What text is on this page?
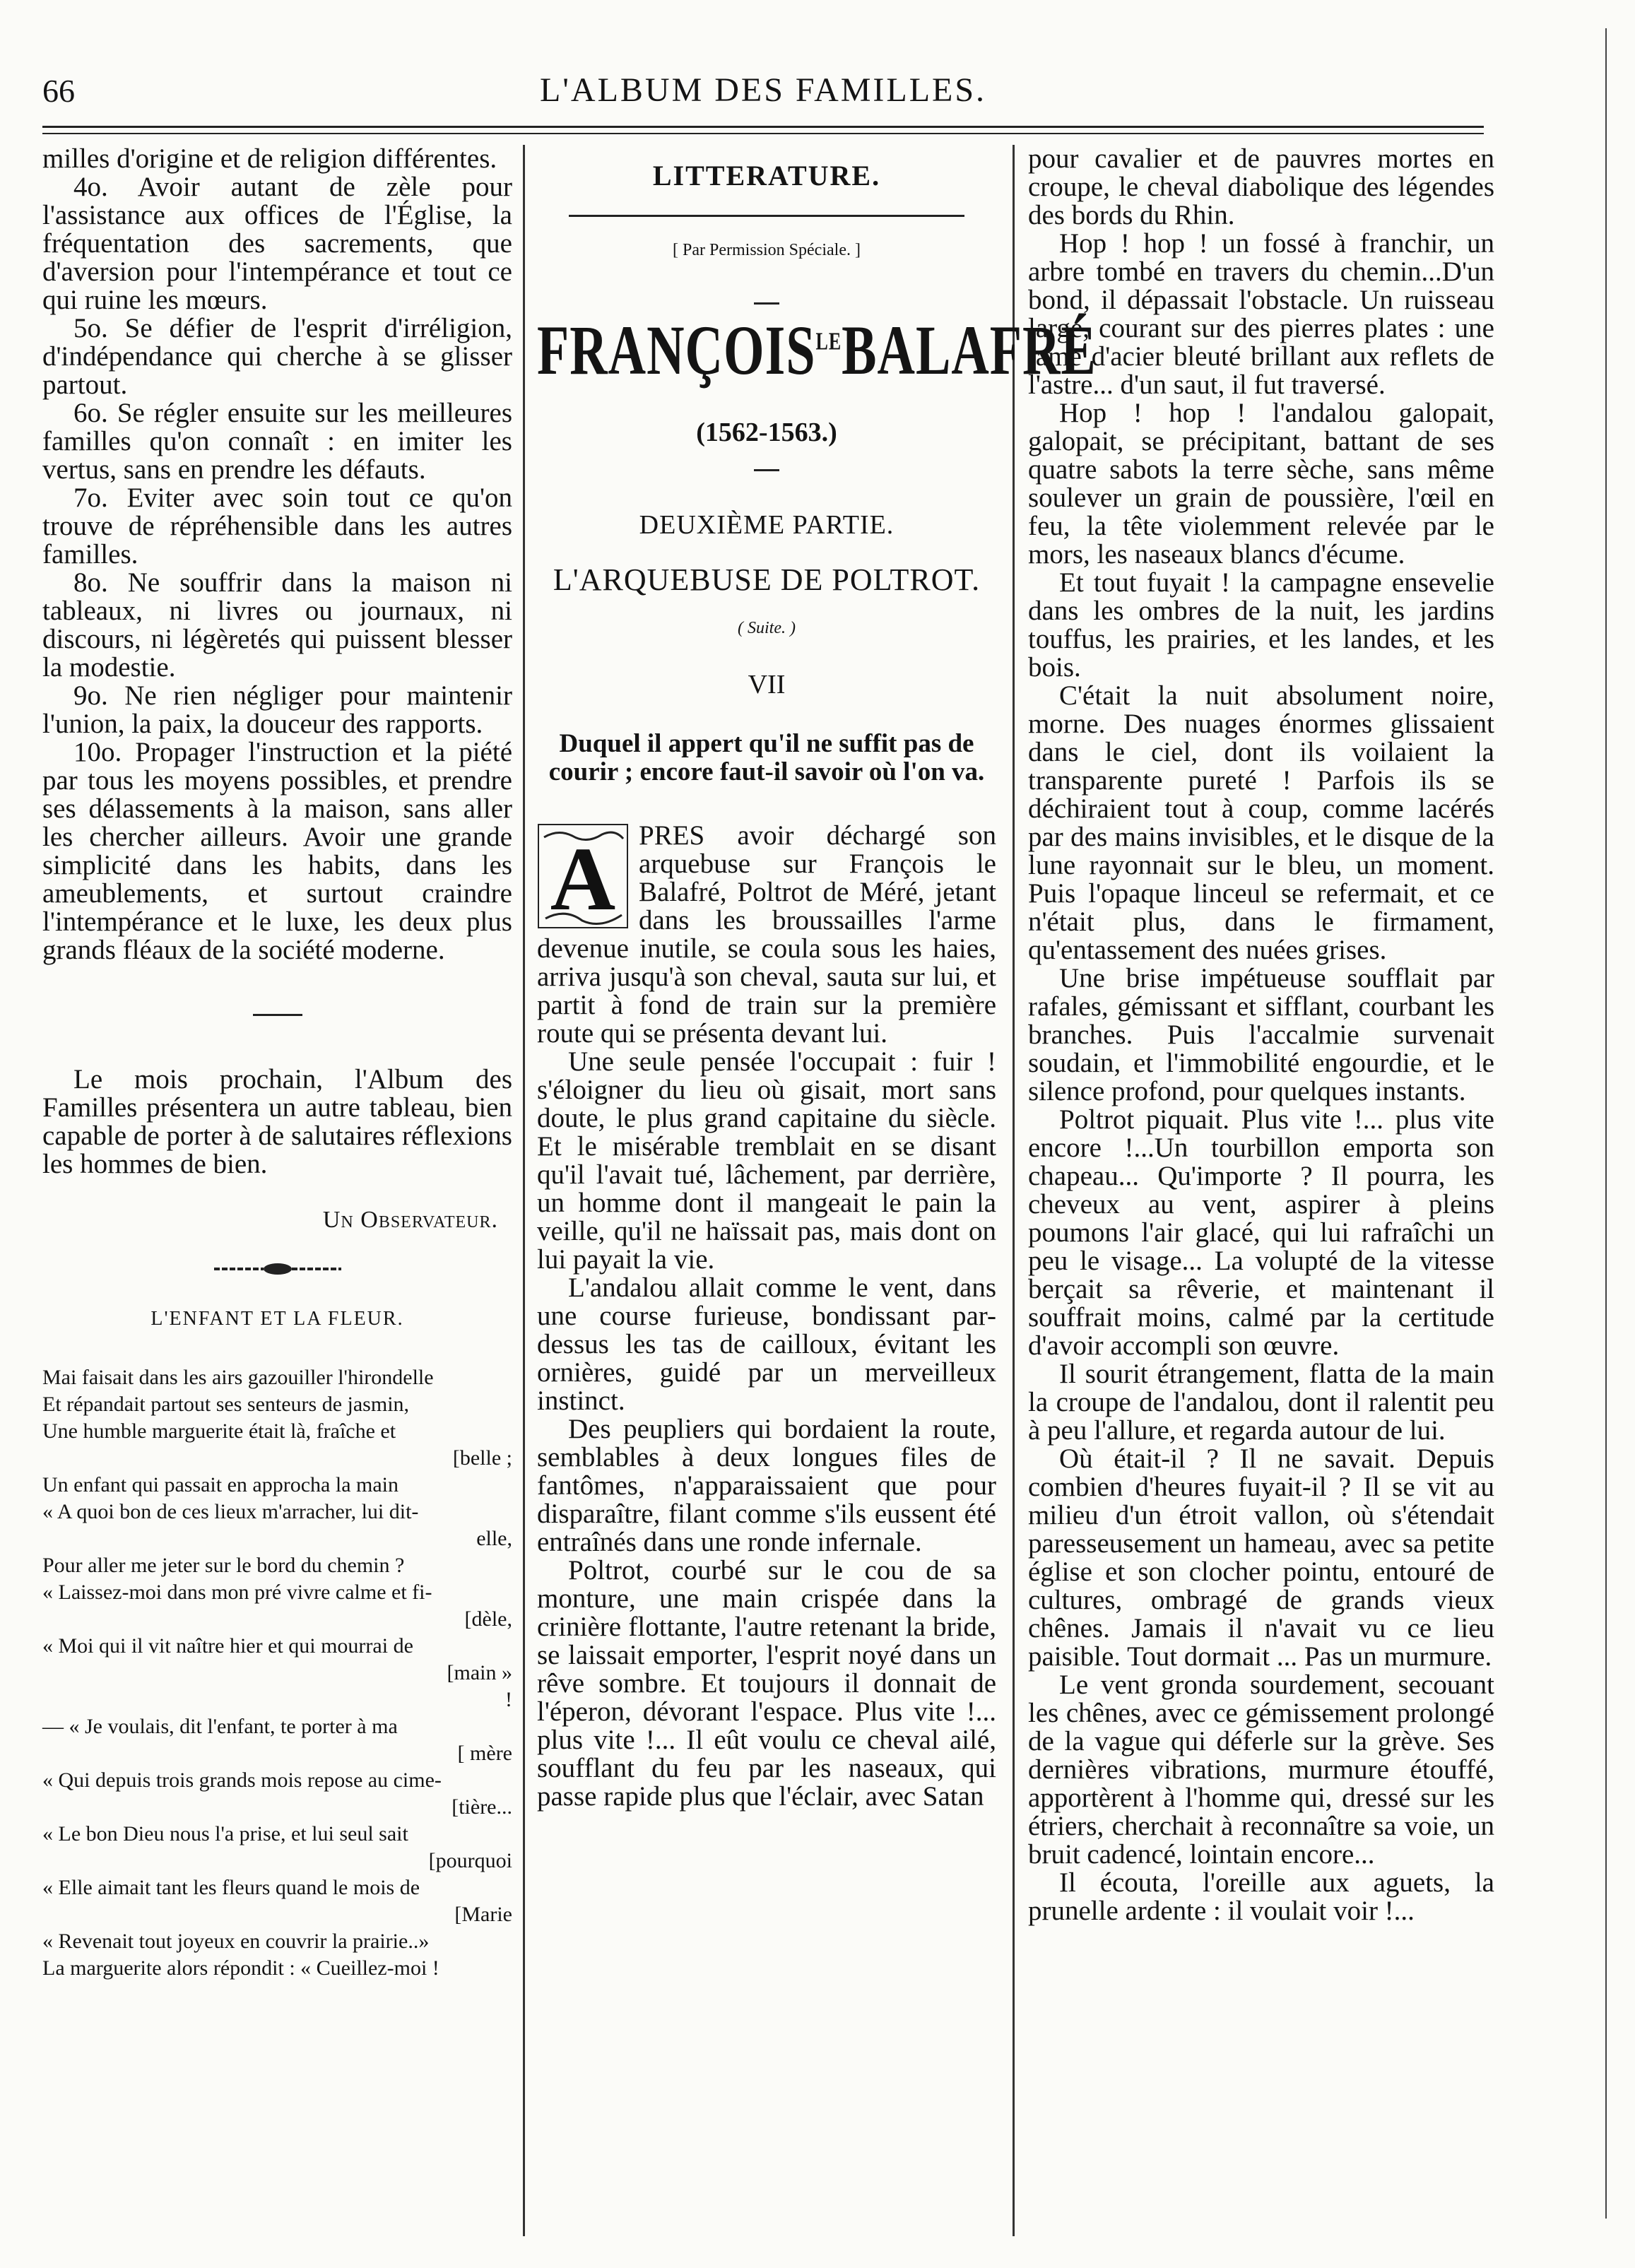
66	L'ALBUM DES FAMILLES.

milles d'origine et de religion différentes.

4o. Avoir autant de zèle pour l'assistance aux offices de l'Église, la fréquentation des sacrements, que d'aversion pour l'intempérance et tout ce qui ruine les mœurs.

5o. Se défier de l'esprit d'irréligion, d'indépendance qui cherche à se glisser partout.

6o. Se régler ensuite sur les meilleures familles qu'on connaît : en imiter les vertus, sans en prendre les défauts.

7o. Eviter avec soin tout ce qu'on trouve de répréhensible dans les autres familles.

8o. Ne souffrir dans la maison ni tableaux, ni livres ou journaux, ni discours, ni légèretés qui puissent blesser la modestie.

9o. Ne rien négliger pour maintenir l'union, la paix, la douceur des rapports.

10o. Propager l'instruction et la piété par tous les moyens possibles, et prendre ses délassements à la maison, sans aller les chercher ailleurs. Avoir une grande simplicité dans les habits, dans les ameublements, et surtout craindre l'intempérance et le luxe, les deux plus grands fléaux de la société moderne.

Le mois prochain, l'Album des Familles présentera un autre tableau, bien capable de porter à de salutaires réflexions les hommes de bien.

Un Observateur.
L'ENFANT ET LA FLEUR.

Mai faisait dans les airs gazouiller l'hirondelle

Et répandait partout ses senteurs de jasmin,

Une humble marguerite était là, fraîche et

[belle ;

Un enfant qui passait en approcha la main

« A quoi bon de ces lieux m'arracher, lui dit-

elle,

Pour aller me jeter sur le bord du chemin ?

« Laissez-moi dans mon pré vivre calme et fi-

[dèle,

« Moi qui il vit naître hier et qui mourrai de

[main »

!

— « Je voulais, dit l'enfant, te porter à ma

[ mère

« Qui depuis trois grands mois repose au cime-

[tière...

« Le bon Dieu nous l'a prise, et lui seul sait

[pourquoi

« Elle aimait tant les fleurs quand le mois de

[Marie

« Revenait tout joyeux en couvrir la prairie..»

La marguerite alors répondit : « Cueillez-moi !

LITTERATURE.
[ Par Permission Spéciale. ]
$FRANÇOIS^{LE}BALAFRÉ$
(1562-1563.)
DEUXIÈME PARTIE.
L'ARQUEBUSE DE POLTROT.
( Suite. )
VII
Duquel il appert qu'il ne suffit pas de courir ; encore faut-il savoir où l'on va.

A PRES avoir déchargé son arquebuse sur François le Balafré, Poltrot de Méré, jetant dans les broussailles l'arme devenue inutile, se coula sous les haies, arriva jusqu'à son cheval, sauta sur lui, et partit à fond de train sur la première route qui se présenta devant lui.

Une seule pensée l'occupait : fuir ! s'éloigner du lieu où gisait, mort sans doute, le plus grand capitaine du siècle. Et le misérable tremblait en se disant qu'il l'avait tué, lâchement, par derrière, un homme dont il mangeait le pain la veille, qu'il ne haïssait pas, mais dont on lui payait la vie.

L'andalou allait comme le vent, dans une course furieuse, bondissant par-dessus les tas de cailloux, évitant les ornières, guidé par un merveilleux instinct.

Des peupliers qui bordaient la route, semblables à deux longues files de fantômes, n'apparaissaient que pour disparaître, filant comme s'ils eussent été entraînés dans une ronde infernale.

Poltrot, courbé sur le cou de sa monture, une main crispée dans la crinière flottante, l'autre retenant la bride, se laissait emporter, l'esprit noyé dans un rêve sombre. Et toujours il donnait de l'éperon, dévorant l'espace. Plus vite !... plus vite !... Il eût voulu ce cheval ailé, soufflant du feu par les naseaux, qui passe rapide plus que l'éclair, avec Satan

pour cavalier et de pauvres mortes en croupe, le cheval diabolique des légendes des bords du Rhin.

Hop ! hop ! un fossé à franchir, un arbre tombé en travers du chemin...D'un bond, il dépassait l'obstacle. Un ruisseau large, courant sur des pierres plates : une lame d'acier bleuté brillant aux reflets de l'astre... d'un saut, il fut traversé.

Hop ! hop ! l'andalou galopait, galopait, se précipitant, battant de ses quatre sabots la terre sèche, sans même soulever un grain de poussière, l'œil en feu, la tête violemment relevée par le mors, les naseaux blancs d'écume.

Et tout fuyait ! la campagne ensevelie dans les ombres de la nuit, les jardins touffus, les prairies, et les landes, et les bois.

C'était la nuit absolument noire, morne. Des nuages énormes glissaient dans le ciel, dont ils voilaient la transparente pureté ! Parfois ils se déchiraient tout à coup, comme lacérés par des mains invisibles, et le disque de la lune rayonnait sur le bleu, un moment. Puis l'opaque linceul se refermait, et ce n'était plus, dans le firmament, qu'entassement des nuées grises.

Une brise impétueuse soufflait par rafales, gémissant et sifflant, courbant les branches. Puis l'accalmie survenait soudain, et l'immobilité engourdie, et le silence profond, pour quelques instants.

Poltrot piquait. Plus vite !... plus vite encore !...Un tourbillon emporta son chapeau... Qu'importe ? Il pourra, les cheveux au vent, aspirer à pleins poumons l'air glacé, qui lui rafraîchi un peu le visage... La volupté de la vitesse berçait sa rêverie, et maintenant il souffrait moins, calmé par la certitude d'avoir accompli son œuvre.

Il sourit étrangement, flatta de la main la croupe de l'andalou, dont il ralentit peu à peu l'allure, et regarda autour de lui.

Où était-il ? Il ne savait. Depuis combien d'heures fuyait-il ? Il se vit au milieu d'un étroit vallon, où s'étendait paresseusement un hameau, avec sa petite église et son clocher pointu, entouré de cultures, ombragé de grands vieux chênes. Jamais il n'avait vu ce lieu paisible. Tout dormait ... Pas un murmure.

Le vent gronda sourdement, secouant les chênes, avec ce gémissement prolongé de la vague qui déferle sur la grève. Ses dernières vibrations, murmure étouffé, apportèrent à l'homme qui, dressé sur les étriers, cherchait à reconnaître sa voie, un bruit cadencé, lointain encore...

Il écouta, l'oreille aux aguets, la prunelle ardente : il voulait voir !...
